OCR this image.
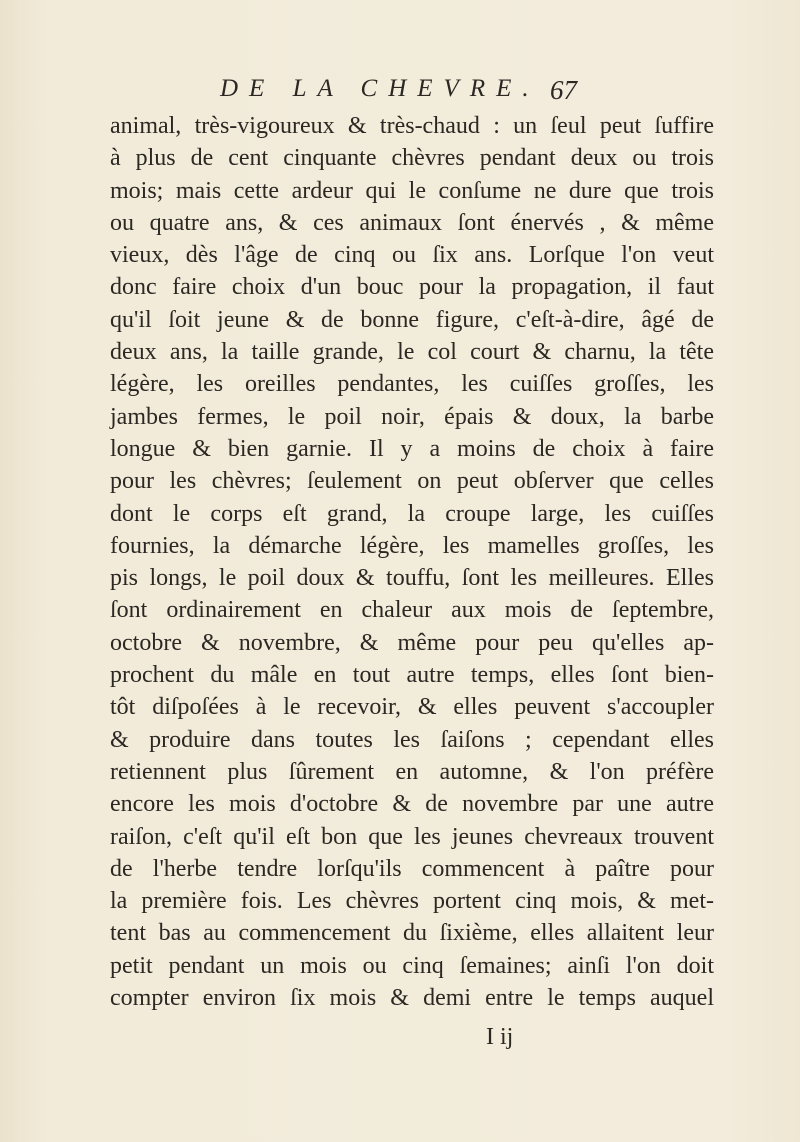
DE LA CHEVRE. 67
animal, très-vigoureux & très-chaud : un ſeul peut ſuffire
à plus de cent cinquante chèvres pendant deux ou trois
mois; mais cette ardeur qui le conſume ne dure que trois
ou quatre ans, & ces animaux ſont énervés , & même
vieux, dès l'âge de cinq ou ſix ans. Lorſque l'on veut
donc faire choix d'un bouc pour la propagation, il faut
qu'il ſoit jeune & de bonne figure, c'eſt-à-dire, âgé de
deux ans, la taille grande, le col court & charnu, la tête
légère, les oreilles pendantes, les cuiſſes groſſes, les
jambes fermes, le poil noir, épais & doux, la barbe
longue & bien garnie. Il y a moins de choix à faire
pour les chèvres; ſeulement on peut obſerver que celles
dont le corps eſt grand, la croupe large, les cuiſſes
fournies, la démarche légère, les mamelles groſſes, les
pis longs, le poil doux & touffu, ſont les meilleures. Elles
ſont ordinairement en chaleur aux mois de ſeptembre,
octobre & novembre, & même pour peu qu'elles ap-
prochent du mâle en tout autre temps, elles ſont bien-
tôt diſpoſées à le recevoir, & elles peuvent s'accoupler
& produire dans toutes les ſaiſons ; cependant elles
retiennent plus ſûrement en automne, & l'on préfère
encore les mois d'octobre & de novembre par une autre
raiſon, c'eſt qu'il eſt bon que les jeunes chevreaux trouvent
de l'herbe tendre lorſqu'ils commencent à paître pour
la première fois. Les chèvres portent cinq mois, & met-
tent bas au commencement du ſixième, elles allaitent leur
petit pendant un mois ou cinq ſemaines; ainſi l'on doit
compter environ ſix mois & demi entre le temps auquel
I ij
